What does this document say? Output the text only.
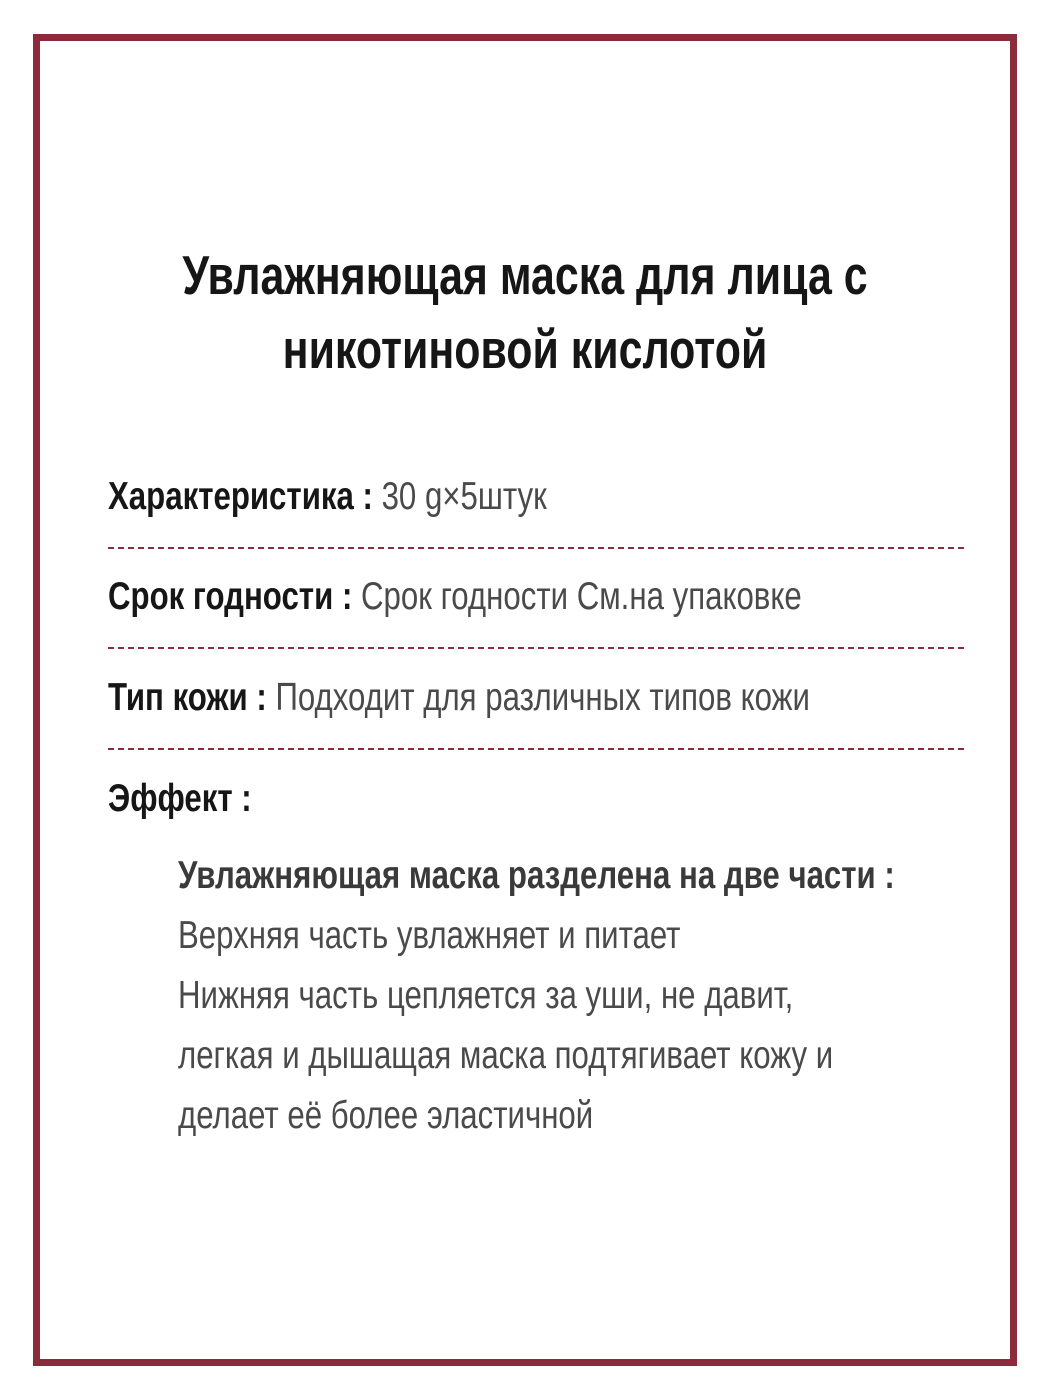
Увлажняющая маска для лица с
никотиновой кислотой
Характеристика : 30 g×5штук
Срок годности : Срок годности См.на упаковке
Тип кожи : Подходит для различных типов кожи
Эффект :
Увлажняющая маска разделена на две части :
Верхняя часть увлажняет и питает
Нижняя часть цепляется за уши, не давит,
легкая и дышащая маска подтягивает кожу и
делает её более эластичной
